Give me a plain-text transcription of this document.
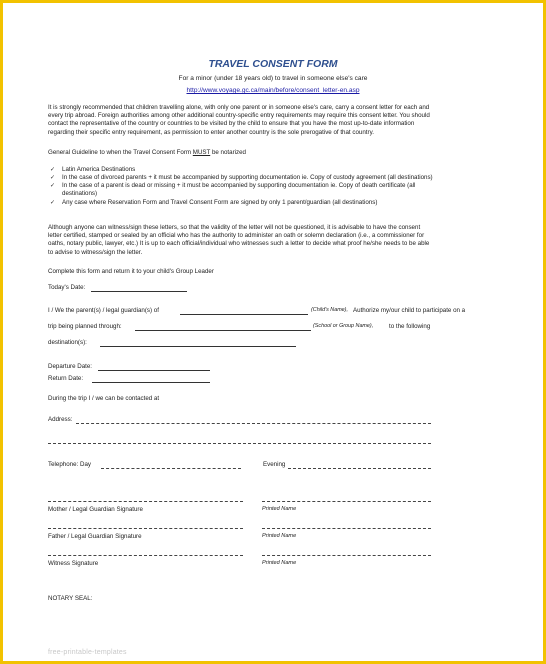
TRAVEL CONSENT FORM
For a minor (under 18 years old) to travel in someone else's care
http://www.voyage.gc.ca/main/before/consent_letter-en.asp
It is strongly recommended that children travelling alone, with only one parent or in someone else's care, carry a consent letter for each and
every trip abroad. Foreign authorities among other additional country-specific entry requirements may require this consent letter. You should
contact the representative of the country or countries to be visited by the child to ensure that you have the most up-to-date information
regarding their specific entry requirement, as permission to enter another country is the sole prerogative of that country.
General Guideline to when the Travel Consent Form MUST be notarized
✓	Latin America Destinations
✓	In the case of divorced parents + it must be accompanied by supporting documentation ie. Copy of custody agreement (all destinations)
✓	In the case of a parent is dead or missing + it must be accompanied by supporting documentation ie. Copy of death certificate (all
destinations)
✓	Any case where Reservation Form and Travel Consent Form are signed by only 1 parent/guardian (all destinations)
Although anyone can witness/sign these letters, so that the validity of the letter will not be questioned, it is advisable to have the consent
letter certified, stamped or sealed by an official who has the authority to administer an oath or solemn declaration (i.e., a commissioner for
oaths, notary public, lawyer, etc.) It is up to each official/individual who witnesses such a letter to decide what proof he/she needs to be able
to advise to witness/sign the letter.
Complete this form and return it to your child's Group Leader
Today's Date:
I / We the parent(s) / legal guardian(s) of	(Child's Name), Authorize my/our child to participate on a
trip being planned through:	(School or Group Name),	to the following
destination(s):
Departure Date:
Return Date:
During the trip I / we can be contacted at
Address:
Telephone: Day	Evening
Mother / Legal Guardian Signature	Printed Name
Father / Legal Guardian Signature	Printed Name
Witness Signature	Printed Name
NOTARY SEAL:
free-printable-templates
